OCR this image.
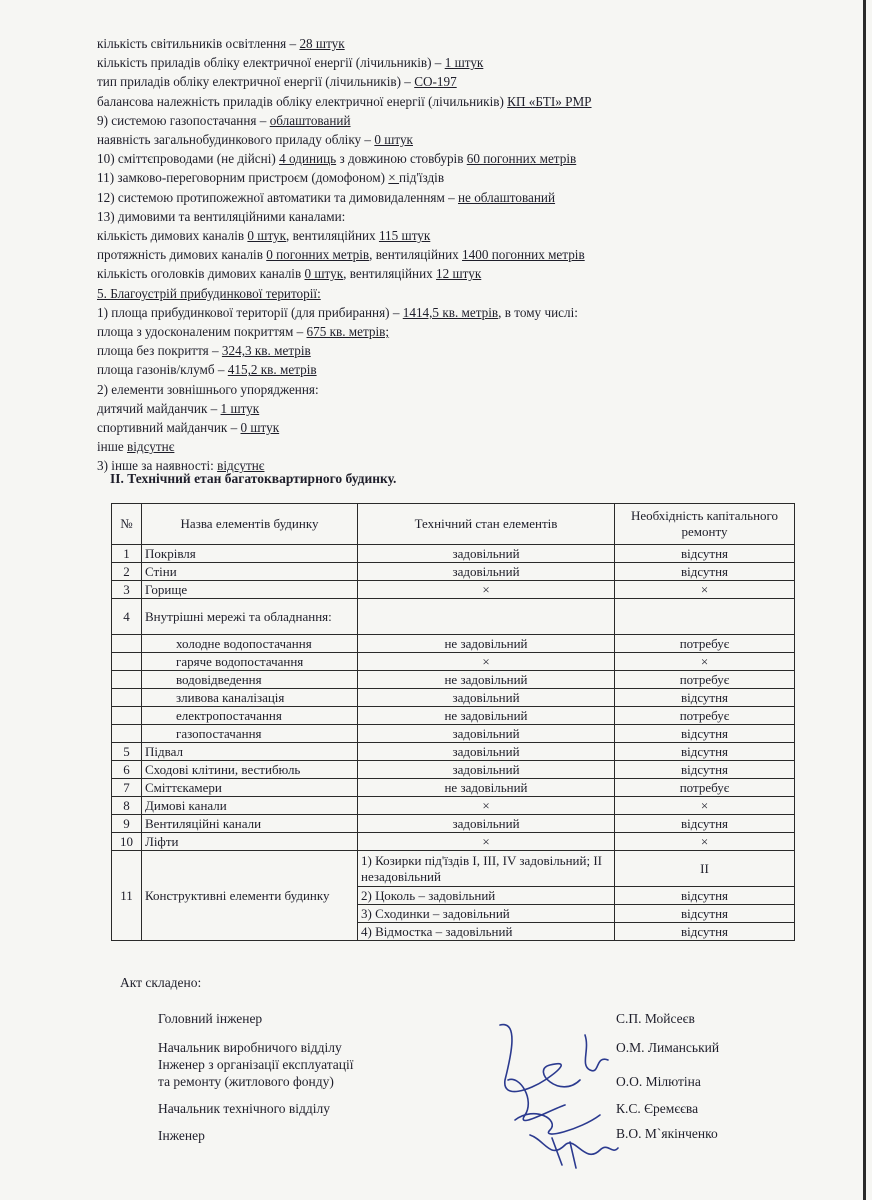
кількість світильників освітлення – 28 штук
кількість приладів обліку електричної енергії (лічильників) – 1 штук
тип приладів обліку електричної енергії (лічильників) – СО-197
балансова належність приладів обліку електричної енергії (лічильників) КП «БТІ» РМР
9) системою газопостачання – облаштований
наявність загальнобудинкового приладу обліку – 0 штук
10) сміттєпроводами (не дійсні) 4 одиниць з довжиною стовбурів 60 погонних метрів
11) замково-переговорним пристроєм (домофоном) × під'їздів
12) системою протипожежної автоматики та димовидаленням – не облаштований
13) димовими та вентиляційними каналами:
кількість димових каналів 0 штук, вентиляційних 115 штук
протяжність димових каналів 0 погонних метрів, вентиляційних 1400 погонних метрів
кількість оголовків димових каналів 0 штук, вентиляційних 12 штук
5. Благоустрій прибудинкової території:
1) площа прибудинкової території (для прибирання) – 1414,5 кв. метрів, в тому числі:
площа з удосконаленим покриттям – 675 кв. метрів;
площа без покриття – 324,3 кв. метрів
площа газонів/клумб – 415,2 кв. метрів
2) елементи зовнішнього упорядження:
дитячий майданчик – 1 штук
спортивний майданчик – 0 штук
інше відсутнє
3) інше за наявності: відсутнє
ІІ. Технічний етан багатоквартирного будинку.
№	Назва елементів будинку	Технічний стан елементів	Необхідність капітального ремонту
1	Покрівля	задовільний	відсутня
2	Стіни	задовільний	відсутня
3	Горище	×	×
4	Внутрішні мережі та обладнання:		
	холодне водопостачання	не задовільний	потребує
	гаряче водопостачання	×	×
	водовідведення	не задовільний	потребує
	зливова каналізація	задовільний	відсутня
	електропостачання	не задовільний	потребує
	газопостачання	задовільний	відсутня
5	Підвал	задовільний	відсутня
6	Сходові клітини, вестибюль	задовільний	відсутня
7	Сміттєкамери	не задовільний	потребує
8	Димові канали	×	×
9	Вентиляційні канали	задовільний	відсутня
10	Ліфти	×	×
11	Конструктивні елементи будинку	1) Козирки під'їздів І, ІІІ, IV задовільний; ІІ незадовільний	ІІ
		2) Цоколь – задовільний	відсутня
		3) Сходинки – задовільний	відсутня
		4) Відмостка – задовільний	відсутня
Акт складено:
Головний інженер	С.П. Мойсеєв
Начальник виробничого відділу	О.М. Лиманський
Інженер з організації експлуатації
та ремонту (житлового фонду)	О.О. Мілютіна
Начальник технічного відділу	К.С. Єремєєва
Інженер	В.О. М`якінченко
